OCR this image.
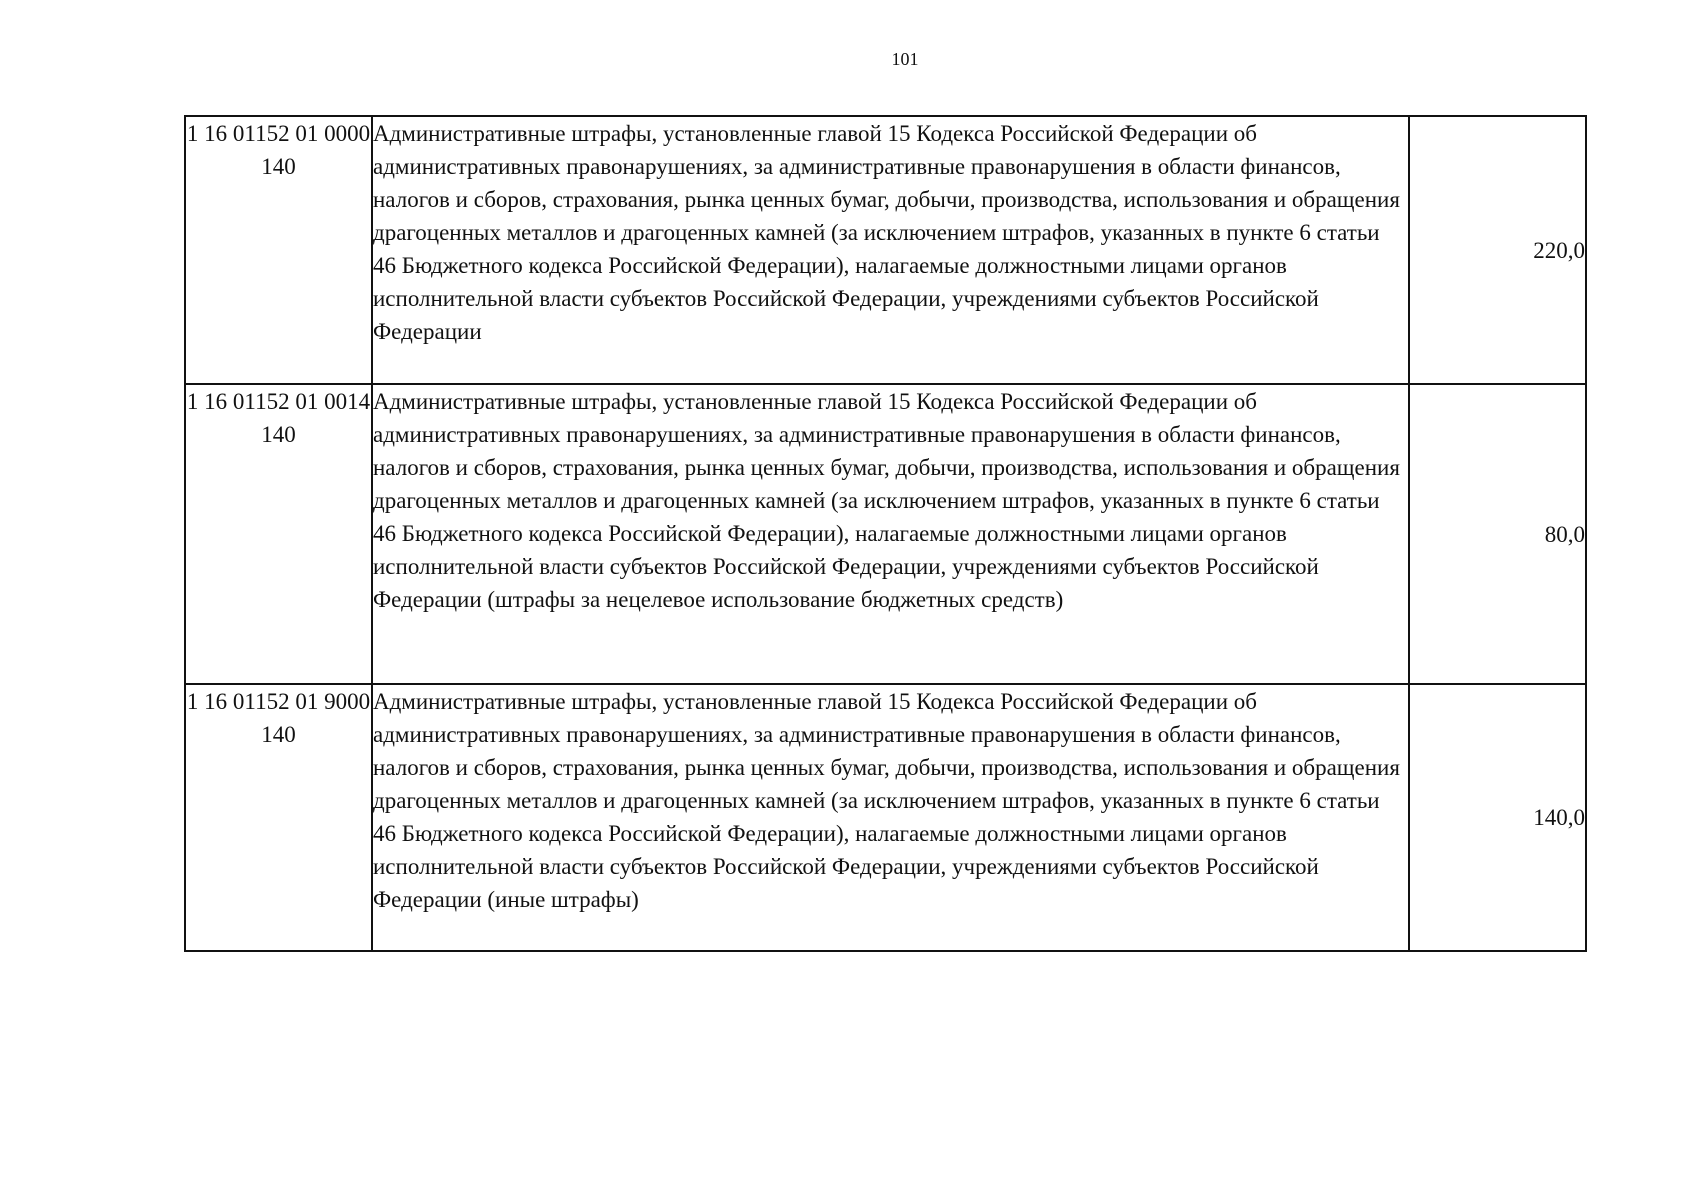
101
1 16 01152 01 0000 140	Административные штрафы, установленные главой 15 Кодекса Российской Федерации об административных правонарушениях, за административные правонарушения в области финансов, налогов и сборов, страхования, рынка ценных бумаг, добычи, производства, использования и обращения драгоценных металлов и драгоценных камней (за исключением штрафов, указанных в пункте 6 статьи 46 Бюджетного кодекса Российской Федерации), налагаемые должностными лицами органов исполнительной власти субъектов Российской Федерации, учреждениями субъектов Российской Федерации	220,0
1 16 01152 01 0014 140	Административные штрафы, установленные главой 15 Кодекса Российской Федерации об административных правонарушениях, за административные правонарушения в области финансов, налогов и сборов, страхования, рынка ценных бумаг, добычи, производства, использования и обращения драгоценных металлов и драгоценных камней (за исключением штрафов, указанных в пункте 6 статьи 46 Бюджетного кодекса Российской Федерации), налагаемые должностными лицами органов исполнительной власти субъектов Российской Федерации, учреждениями субъектов Российской Федерации (штрафы за нецелевое использование бюджетных средств)	80,0
1 16 01152 01 9000 140	Административные штрафы, установленные главой 15 Кодекса Российской Федерации об административных правонарушениях, за административные правонарушения в области финансов, налогов и сборов, страхования, рынка ценных бумаг, добычи, производства, использования и обращения драгоценных металлов и драгоценных камней (за исключением штрафов, указанных в пункте 6 статьи 46 Бюджетного кодекса Российской Федерации), налагаемые должностными лицами органов исполнительной власти субъектов Российской Федерации, учреждениями субъектов Российской Федерации (иные штрафы)	140,0
